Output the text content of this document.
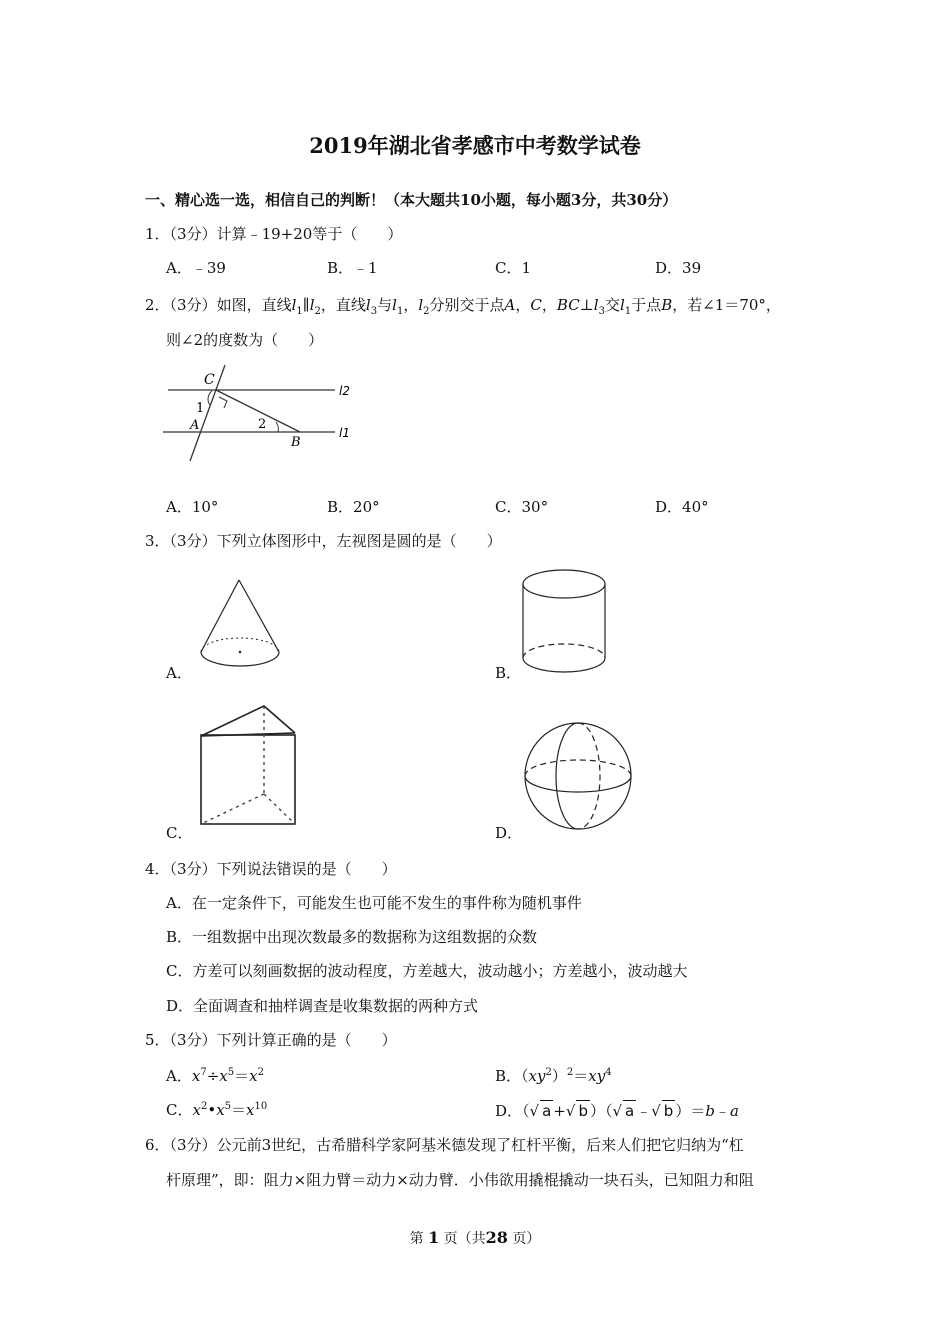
2019年湖北省孝感市中考数学试卷
一、精心选一选，相信自己的判断！（本大题共10小题，每小题3分，共30分）
1．（3分）计算﹣19+20等于（　　）
A．﹣39	B．﹣1	C．1	D．39
2．（3分）如图，直线$l_1\parallel l_2$，直线$l_3$与$l_1$，$l_2$分别交于点A，C，$BC\perp l_3$交$l_1$于点B，若∠1＝70°，
则∠2的度数为（　　）
C
1
A	2
B
l2
l1
A．10°	B．20°	C．30°	D．40°
3．（3分）下列立体图形中，左视图是圆的是（　　）
A．	B．
C．	D．
4．（3分）下列说法错误的是（　　）
A．在一定条件下，可能发生也可能不发生的事件称为随机事件
B．一组数据中出现次数最多的数据称为这组数据的众数
C．方差可以刻画数据的波动程度，方差越大，波动越小；方差越小，波动越大
D．全面调查和抽样调查是收集数据的两种方式
5．（3分）下列计算正确的是（　　）
A．$x^7\div x^5=x^2$	B．$(xy^2)^2=xy^4$
C．$x^2•x^5=x^{10}$	D．（√ a +√ b ）（√ a ﹣√ b ）＝b﹣a
6．（3分）公元前3世纪，古希腊科学家阿基米德发现了杠杆平衡，后来人们把它归纳为“杠
杆原理”，即：阻力×阻力臂＝动力×动力臂．小伟欲用撬棍撬动一块石头，已知阻力和阻
第 1 页（共28 页）
